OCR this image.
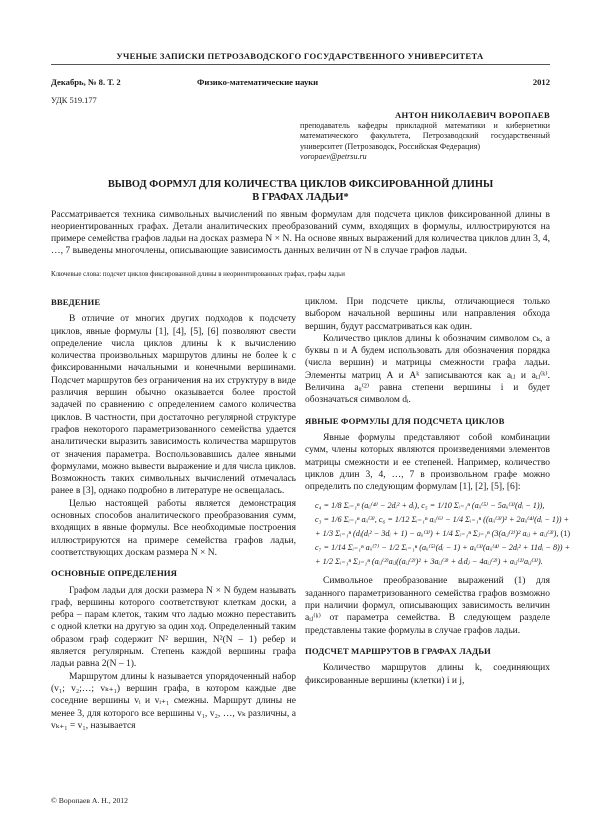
УЧЕНЫЕ ЗАПИСКИ ПЕТРОЗАВОДСКОГО ГОСУДАРСТВЕННОГО УНИВЕРСИТЕТА
Декабрь, № 8. Т. 2	Физико-математические науки	2012
УДК 519.177
АНТОН НИКОЛАЕВИЧ ВОРОПАЕВ
преподаватель кафедры прикладной математики и кибернетики математического факультета, Петрозаводский государственный университет (Петрозаводск, Российская Федерация)
voropaev@petrsu.ru
ВЫВОД ФОРМУЛ ДЛЯ КОЛИЧЕСТВА ЦИКЛОВ ФИКСИРОВАННОЙ ДЛИНЫ
В ГРАФАХ ЛАДЬИ*
Рассматривается техника символьных вычислений по явным формулам для подсчета циклов фиксированной длины в неориентированных графах. Детали аналитических преобразований сумм, входящих в формулы, иллюстрируются на примере семейства графов ладьи на досках размера N × N. На основе явных выражений для количества циклов длин 3, 4, …, 7 выведены многочлены, описывающие зависимость данных величин от N в случае графов ладьи.
Ключевые слова: подсчет циклов фиксированной длины в неориентированных графах, графы ладьи
ВВЕДЕНИЕ

В отличие от многих других подходов к подсчету циклов, явные формулы [1], [4], [5], [6] позволяют свести определение числа циклов длины k к вычислению количества произвольных маршрутов длины не более k с фиксированными начальными и конечными вершинами. Подсчет маршрутов без ограничения на их структуру в виде различия вершин обычно оказывается более простой задачей по сравнению с определением самого количества циклов. В частности, при достаточно регулярной структуре графов некоторого параметризованного семейства удается аналитически выразить зависимость количества маршрутов от значения параметра. Воспользовавшись далее явными формулами, можно вывести выражение и для числа циклов. Возможность таких символьных вычислений отмечалась ранее в [3], однако подробно в литературе не освещалась.

Целью настоящей работы является демонстрация основных способов аналитического преобразования сумм, входящих в явные формулы. Все необходимые построения иллюстрируются на примере семейства графов ладьи, соответствующих доскам размера N × N.

ОСНОВНЫЕ ОПРЕДЕЛЕНИЯ

Графом ладьи для доски размера N × N будем называть граф, вершины которого соответствуют клеткам доски, а ребра – парам клеток, таким что ладью можно переставить с одной клетки на другую за один ход. Определенный таким образом граф содержит N² вершин, N²(N – 1) ребер и является регулярным. Степень каждой вершины графа ладьи равна 2(N – 1).

Маршрутом длины k называется упорядоченный набор (v₁; v₂;…; vₖ₊₁) вершин графа, в котором каждые две соседние вершины vᵢ и vᵢ₊₁ смежны. Маршрут длины не менее 3, для которого все вершины v₁, v₂, …, vₖ различны, а vₖ₊₁ = v₁, называется

циклом. При подсчете циклы, отличающиеся только выбором начальной вершины или направления обхода вершин, будут рассматриваться как один.

Количество циклов длины k обозначим символом cₖ, а буквы n и A будем использовать для обозначения порядка (числа вершин) и матрицы смежности графа ладьи. Элементы матриц A и Aᵏ записываются как aᵢⱼ и aᵢⱼ⁽ᵏ⁾. Величина aᵢᵢ⁽²⁾ равна степени вершины i и будет обозначаться символом dᵢ.

ЯВНЫЕ ФОРМУЛЫ ДЛЯ ПОДСЧЕТА ЦИКЛОВ

Явные формулы представляют собой комбинации сумм, члены которых являются произведениями элементов матрицы смежности и ее степеней. Например, количество циклов длин 3, 4, …, 7 в произвольном графе можно определить по следующим формулам [1], [2], [5], [6]:

c₄ = 1/8 Σᵢ₌₁ⁿ (aᵢᵢ⁽⁴⁾ − 2dᵢ² + dᵢ), c₅ = 1/10 Σᵢ₌₁ⁿ (aᵢᵢ⁽⁵⁾ − 5aᵢᵢ⁽³⁾(dᵢ − 1)),
c₃ = 1/6 Σᵢ₌₁ⁿ aᵢᵢ⁽³⁾, c₆ = 1/12 Σᵢ₌₁ⁿ aᵢᵢ⁽⁶⁾ − 1/4 Σᵢ₌₁ⁿ ((aᵢᵢ⁽³⁾)² + 2aᵢᵢ⁽⁴⁾(dᵢ − 1)) +
+ 1/3 Σᵢ₌₁ⁿ (dᵢ(dᵢ² − 3dᵢ + 1) − aᵢᵢ⁽³⁾) + 1/4 Σᵢ₌₁ⁿ Σⱼ₌₁ⁿ (3(aᵢⱼ⁽²⁾)² aᵢⱼ + aᵢⱼ⁽³⁾), (1)
c₇ = 1/14 Σᵢ₌₁ⁿ aᵢᵢ⁽⁷⁾ − 1/2 Σᵢ₌₁ⁿ (aᵢᵢ⁽⁵⁾(dᵢ − 1) + aᵢᵢ⁽³⁾(aᵢᵢ⁽⁴⁾ − 2dᵢ² + 11dᵢ − 8)) +
+ 1/2 Σᵢ₌₁ⁿ Σⱼ₌₁ⁿ (aᵢⱼ⁽²⁾aᵢⱼ((aᵢⱼ⁽²⁾)² + 3aᵢⱼ⁽³⁾ + dᵢdⱼ − 4aᵢⱼ⁽²⁾) + aᵢⱼ⁽²⁾aᵢⱼ⁽³⁾).

Символьное преобразование выражений (1) для заданного параметризованного семейства графов возможно при наличии формул, описывающих зависимость величин aᵢⱼ⁽ᵏ⁾ от параметра семейства. В следующем разделе представлены такие формулы в случае графов ладьи.

ПОДСЧЕТ МАРШРУТОВ В ГРАФАХ ЛАДЬИ

Количество маршрутов длины k, соединяющих фиксированные вершины (клетки) i и j,

© Воропаев А. Н., 2012
